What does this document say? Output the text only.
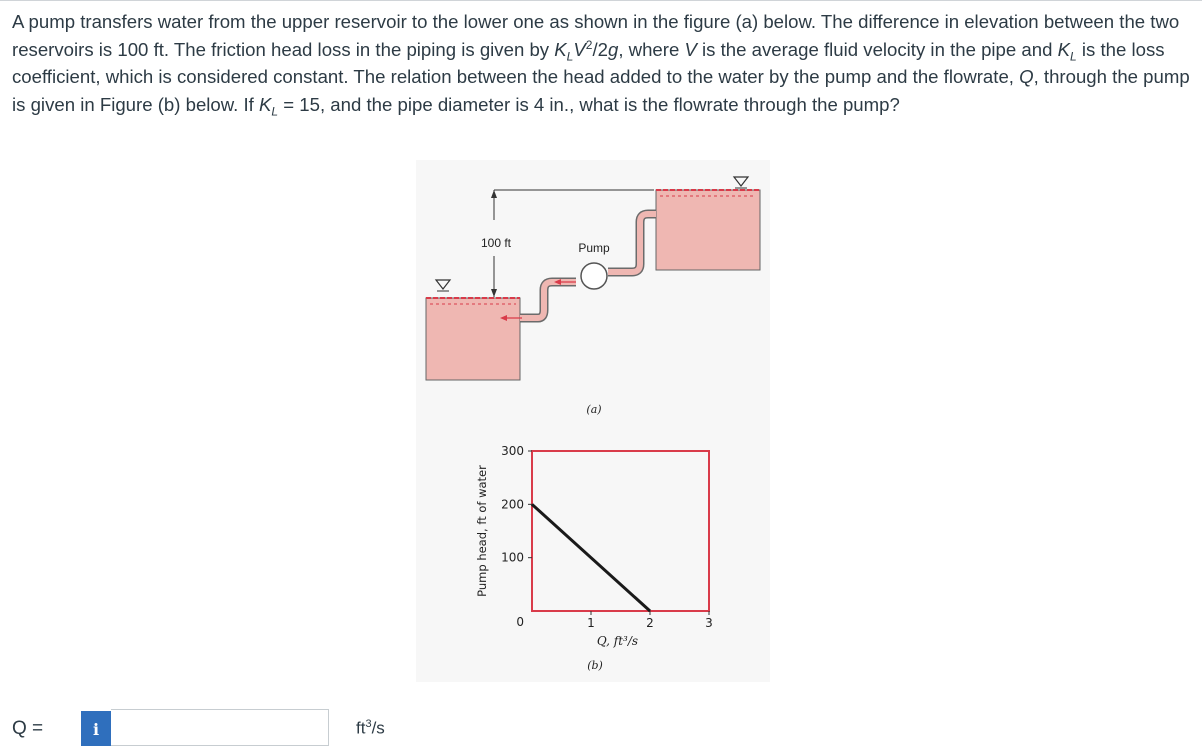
A pump transfers water from the upper reservoir to the lower one as shown in the figure (a) below. The difference in elevation between the two reservoirs is 100 ft. The friction head loss in the piping is given by $K_LV^2/2g$, where V is the average fluid velocity in the pipe and $K_L$ is the loss coefficient, which is considered constant. The relation between the head added to the water by the pump and the flowrate, Q, through the pump is given in Figure (b) below. If $K_L = 15$, and the pipe diameter is 4 in., what is the flowrate through the pump?
100 ft	Pump
(a)
0
100
200
300
1	2	3
Pump head, ft of water
Q, ft³/s
(b)
Q =	i	$ft^3/s$
